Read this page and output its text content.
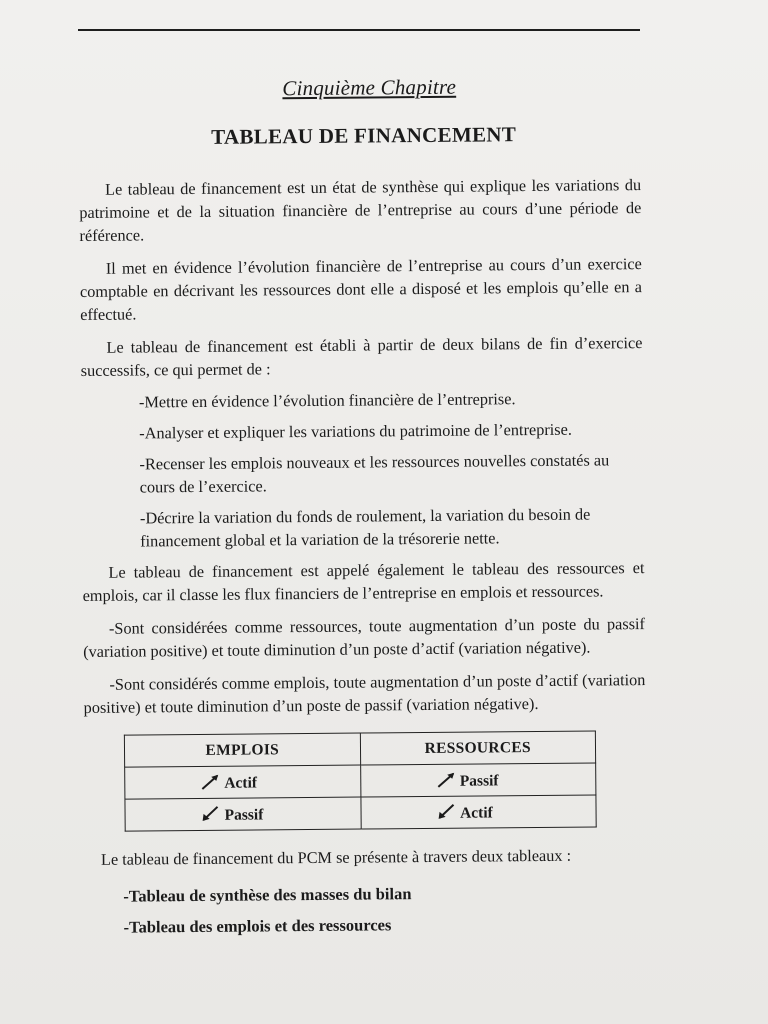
Cinquième Chapitre
TABLEAU DE FINANCEMENT

Le tableau de financement est un état de synthèse qui explique les variations du patrimoine et de la situation financière de l’entreprise au cours d’une période de référence.

Il met en évidence l’évolution financière de l’entreprise au cours d’un exercice comptable en décrivant les ressources dont elle a disposé et les emplois qu’elle en a effectué.

Le tableau de financement est établi à partir de deux bilans de fin d’exercice successifs, ce qui permet de :

-Mettre en évidence l’évolution financière de l’entreprise.
-Analyser et expliquer les variations du patrimoine de l’entreprise.
-Recenser les emplois nouveaux et les ressources nouvelles constatés au cours de l’exercice.
-Décrire la variation du fonds de roulement, la variation du besoin de financement global et la variation de la trésorerie nette.

Le tableau de financement est appelé également le tableau des ressources et emplois, car il classe les flux financiers de l’entreprise en emplois et ressources.

-Sont considérées comme ressources, toute augmentation d’un poste du passif (variation positive) et toute diminution d’un poste d’actif (variation négative).

-Sont considérés comme emplois, toute augmentation d’un poste d’actif (variation positive) et toute diminution d’un poste de passif (variation négative).

EMPLOIS	RESSOURCES
Actif	Passif
Passif	Actif

Le tableau de financement du PCM se présente à travers deux tableaux :

-Tableau de synthèse des masses du bilan
-Tableau des emplois et des ressources
